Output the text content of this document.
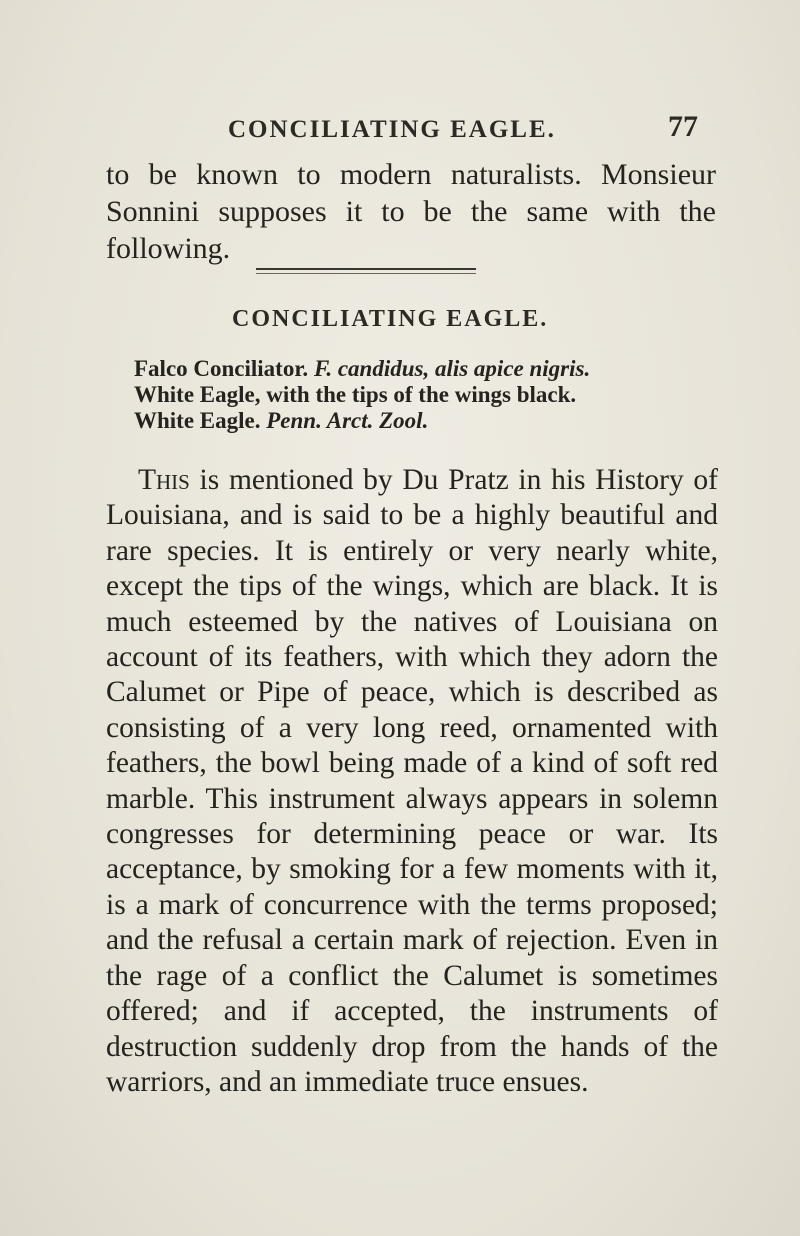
CONCILIATING EAGLE.	77

to be known to modern naturalists. Monsieur Sonnini supposes it to be the same with the following.

CONCILIATING EAGLE.
Falco Conciliator. F. candidus, alis apice nigris.
White Eagle, with the tips of the wings black.
White Eagle. Penn. Arct. Zool.

This is mentioned by Du Pratz in his History of Louisiana, and is said to be a highly beautiful and rare species. It is entirely or very nearly white, except the tips of the wings, which are black. It is much esteemed by the natives of Louisiana on account of its feathers, with which they adorn the Calumet or Pipe of peace, which is described as consisting of a very long reed, ornamented with feathers, the bowl being made of a kind of soft red marble. This instrument always appears in solemn congresses for determining peace or war. Its acceptance, by smoking for a few moments with it, is a mark of concurrence with the terms proposed; and the refusal a certain mark of rejection. Even in the rage of a conflict the Calumet is sometimes offered; and if accepted, the instruments of destruction suddenly drop from the hands of the warriors, and an immediate truce ensues.
